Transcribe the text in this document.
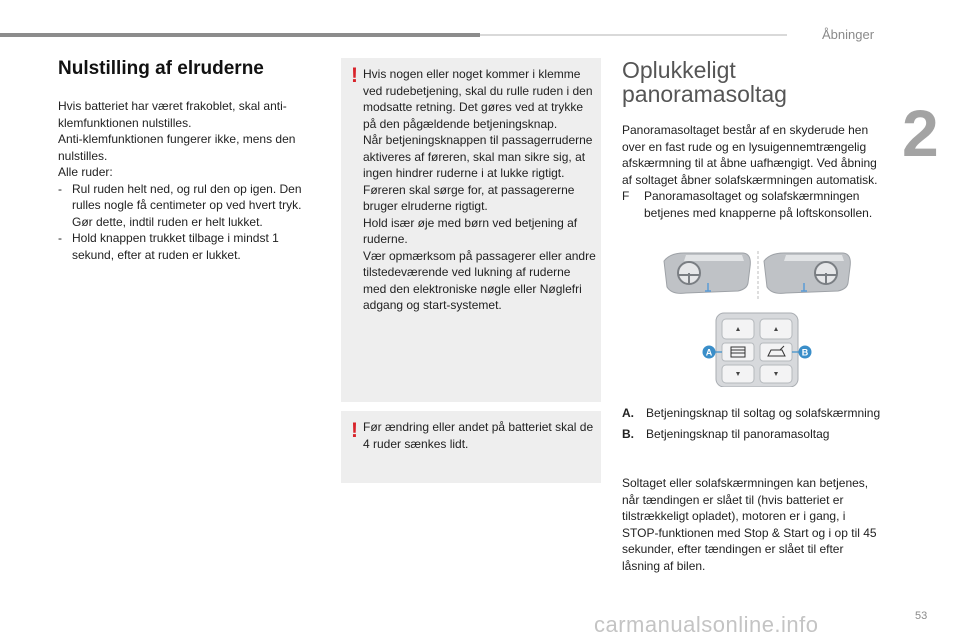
Åbninger
2
Nulstilling af elruderne

Hvis batteriet har været frakoblet, skal anti-klemfunktionen nulstilles.

Anti-klemfunktionen fungerer ikke, mens den nulstilles.

Alle ruder:

- Rul ruden helt ned, og rul den op igen. Den rulles nogle få centimeter op ved hvert tryk. Gør dette, indtil ruden er helt lukket.
- Hold knappen trukket tilbage i mindst 1 sekund, efter at ruden er lukket.
! Hvis nogen eller noget kommer i klemme ved rudebetjening, skal du rulle ruden i den modsatte retning. Det gøres ved at trykke på den pågældende betjeningsknap.

Når betjeningsknappen til passagerruderne aktiveres af føreren, skal man sikre sig, at ingen hindrer ruderne i at lukke rigtigt.

Føreren skal sørge for, at passagererne bruger elruderne rigtigt.

Hold især øje med børn ved betjening af ruderne.

Vær opmærksom på passagerer eller andre tilstedeværende ved lukning af ruderne med den elektroniske nøgle eller Nøglefri adgang og start-systemet.

! Før ændring eller andet på batteriet skal de 4 ruder sænkes lidt.
Oplukkeligt panoramasoltag

Panoramasoltaget består af en skyderude hen over en fast rude og en lysuigennemtrængelig afskærmning til at åbne uafhængigt. Ved åbning af soltaget åbner solafskærmningen automatisk.

F Panoramasoltaget og solafskærmningen betjenes med knapperne på loftskonsollen.
A	B
A. Betjeningsknap til soltag og solafskærmning
B. Betjeningsknap til panoramasoltag
Soltaget eller solafskærmningen kan betjenes, når tændingen er slået til (hvis batteriet er tilstrækkeligt opladet), motoren er i gang, i STOP-funktionen med Stop & Start og i op til 45 sekunder, efter tændingen er slået til efter låsning af bilen.
carmanualsonline.info	53
